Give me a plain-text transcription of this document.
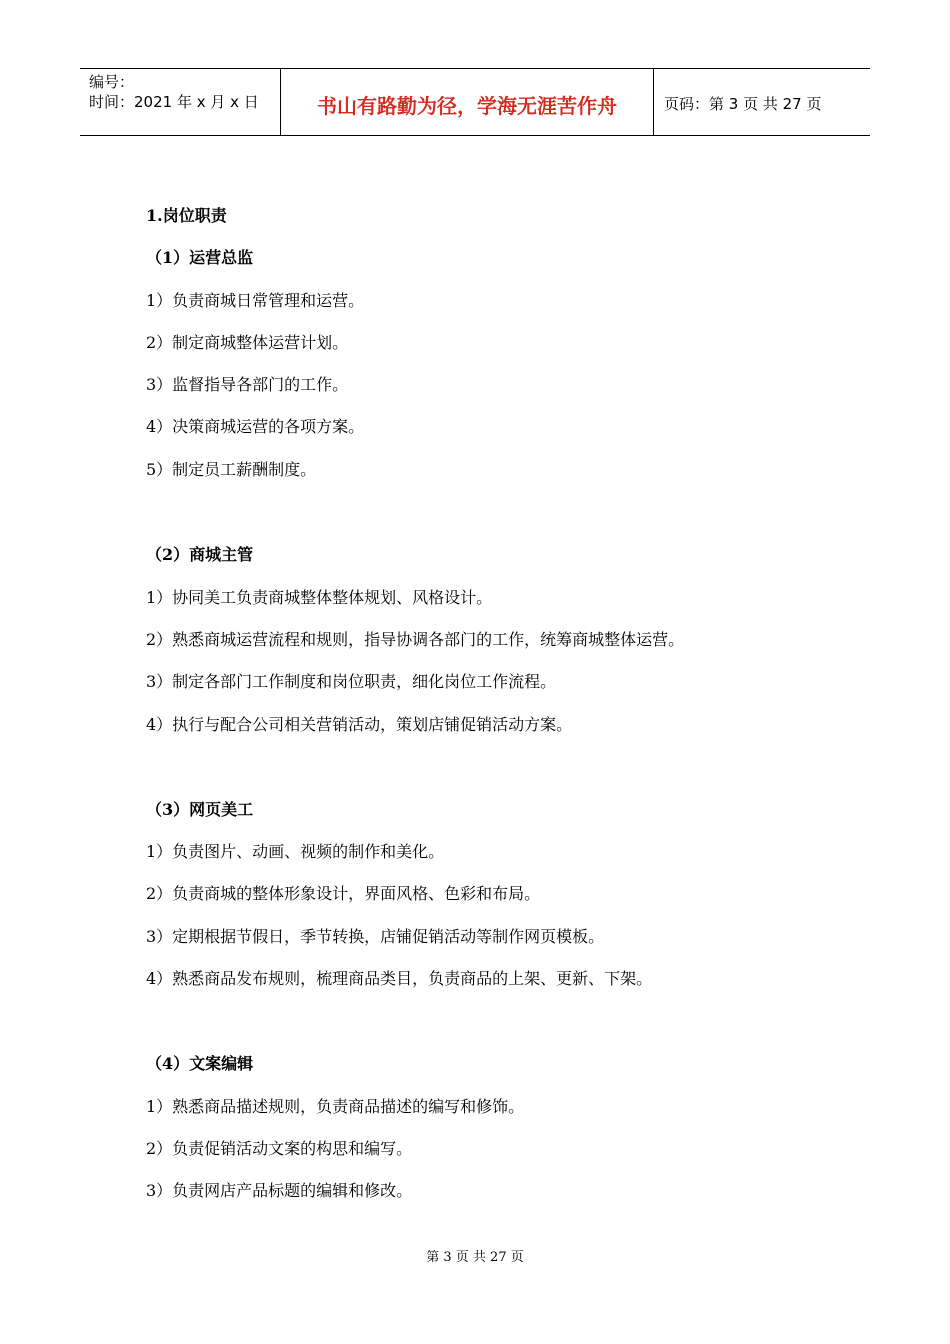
编号：
时间：2021 年 x 月 x 日	书山有路勤为径，学海无涯苦作舟	页码：第 3 页 共 27 页
1.岗位职责
（1）运营总监
1）负责商城日常管理和运营。
2）制定商城整体运营计划。
3）监督指导各部门的工作。
4）决策商城运营的各项方案。
5）制定员工薪酬制度。
（2）商城主管
1）协同美工负责商城整体整体规划、风格设计。
2）熟悉商城运营流程和规则，指导协调各部门的工作，统筹商城整体运营。
3）制定各部门工作制度和岗位职责，细化岗位工作流程。
4）执行与配合公司相关营销活动，策划店铺促销活动方案。
（3）网页美工
1）负责图片、动画、视频的制作和美化。
2）负责商城的整体形象设计，界面风格、色彩和布局。
3）定期根据节假日，季节转换，店铺促销活动等制作网页模板。
4）熟悉商品发布规则，梳理商品类目，负责商品的上架、更新、下架。
（4）文案编辑
1）熟悉商品描述规则，负责商品描述的编写和修饰。
2）负责促销活动文案的构思和编写。
3）负责网店产品标题的编辑和修改。
第 3 页 共 27 页
